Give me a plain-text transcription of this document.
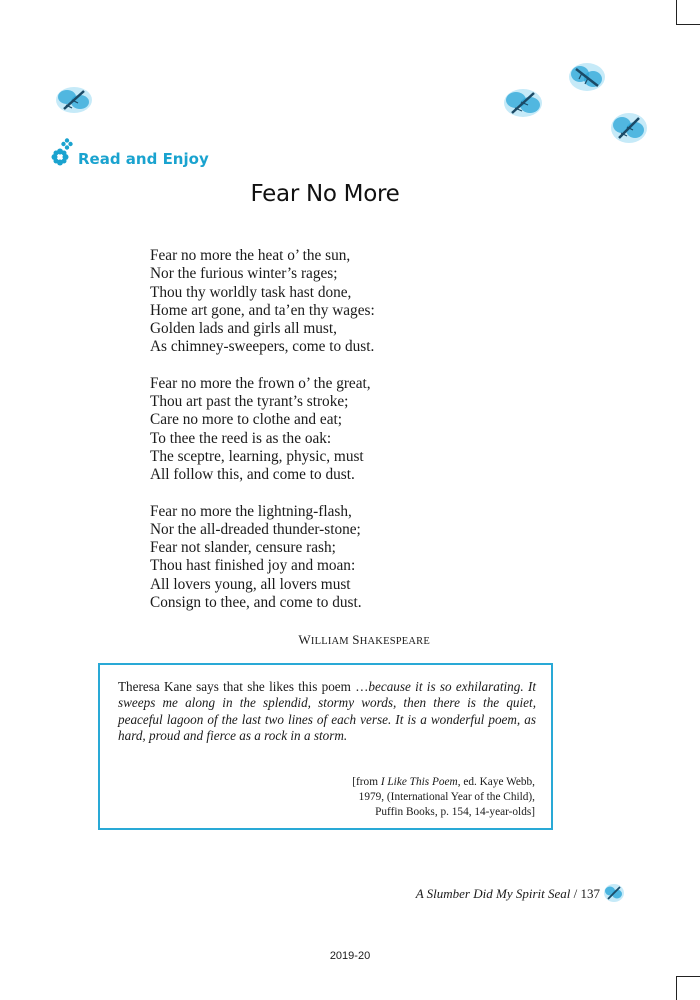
Read and Enjoy
Fear No More
Fear no more the heat o’ the sun,
Nor the furious winter’s rages;
Thou thy worldly task hast done,
Home art gone, and ta’en thy wages:
Golden lads and girls all must,
As chimney-sweepers, come to dust.
Fear no more the frown o’ the great,
Thou art past the tyrant’s stroke;
Care no more to clothe and eat;
To thee the reed is as the oak:
The sceptre, learning, physic, must
All follow this, and come to dust.
Fear no more the lightning-flash,
Nor the all-dreaded thunder-stone;
Fear not slander, censure rash;
Thou hast finished joy and moan:
All lovers young, all lovers must
Consign to thee, and come to dust.
WILLIAM SHAKESPEARE
Theresa Kane says that she likes this poem …because it is so exhilarating. It sweeps me along in the splendid, stormy words, then there is the quiet, peaceful lagoon of the last two lines of each verse. It is a wonderful poem, as hard, proud and fierce as a rock in a storm.
[from I Like This Poem, ed. Kaye Webb,
1979, (International Year of the Child),
Puffin Books, p. 154, 14-year-olds]
A Slumber Did My Spirit Seal / 137
2019-20
